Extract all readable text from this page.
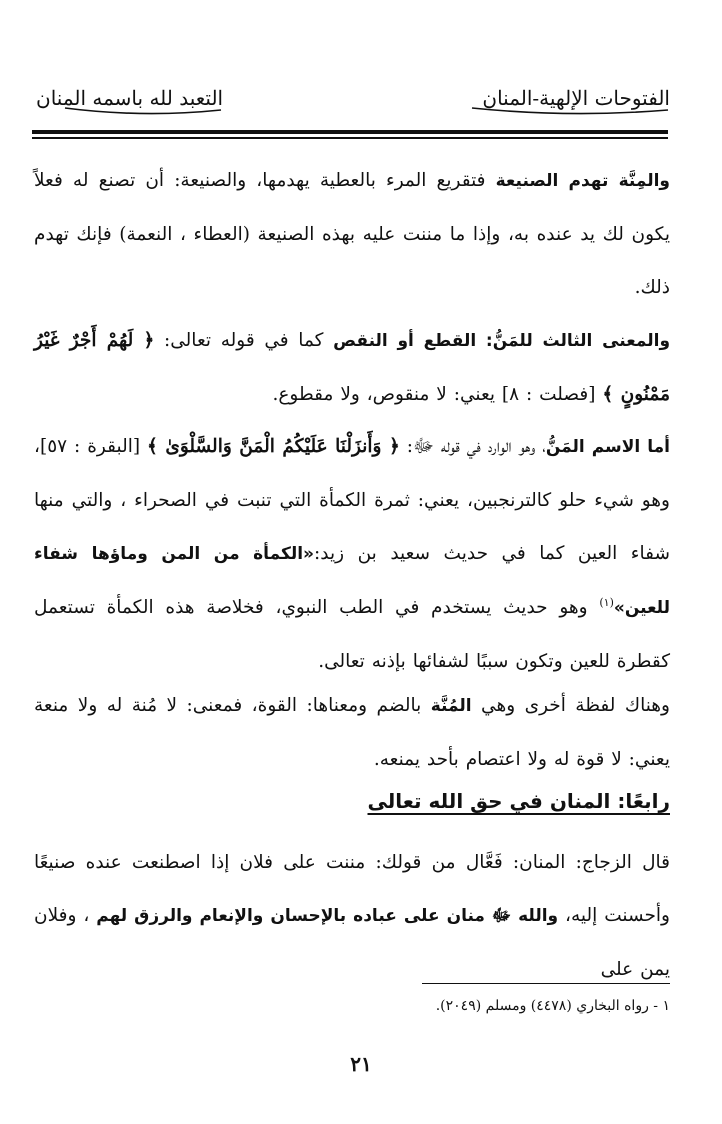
الفتوحات الإلهية-المنان
التعبد لله باسمه المنان

والمِنَّة تهدم الصنيعة فتقريع المرء بالعطية يهدمها، والصنيعة: أن تصنع له فعلاً يكون لك يد عنده به، وإذا ما مننت عليه بهذه الصنيعة (العطاء ، النعمة) فإنك تهدم ذلك.

والمعنى الثالث للمَنُّ: القطع أو النقص كما في قوله تعالى: ﴿ لَهُمْ أَجْرٌ غَيْرُ مَمْنُونٍ ﴾ [فصلت : ٨] يعني: لا منقوص، ولا مقطوع.

أما الاسم المَنُّ، وهو الوارد في قوله ﷻ: ﴿ وَأَنزَلْنَا عَلَيْكُمُ الْمَنَّ وَالسَّلْوَىٰ ﴾ [البقرة : ٥٧]، وهو شيء حلو كالترنجبين، يعني: ثمرة الكمأة التي تنبت في الصحراء ، والتي منها شفاء العين كما في حديث سعيد بن زيد:«الكمأة من المن وماؤها شفاء للعين»$^{(١)}$ وهو حديث يستخدم في الطب النبوي، فخلاصة هذه الكمأة تستعمل كقطرة للعين وتكون سببًا لشفائها بإذنه تعالى.

وهناك لفظة أخرى وهي المُنَّة بالضم ومعناها: القوة، فمعنى: لا مُنة له ولا منعة يعني: لا قوة له ولا اعتصام بأحد يمنعه.

رابعًا: المنان في حق الله تعالى

قال الزجاج: المنان: فَعَّال من قولك: مننت على فلان إذا اصطنعت عنده صنيعًا وأحسنت إليه، والله ﷻ منان على عباده بالإحسان والإنعام والرزق لهم ، وفلان يمن على

١ - رواه البخاري (٤٤٧٨) ومسلم (٢٠٤٩).
٢١
